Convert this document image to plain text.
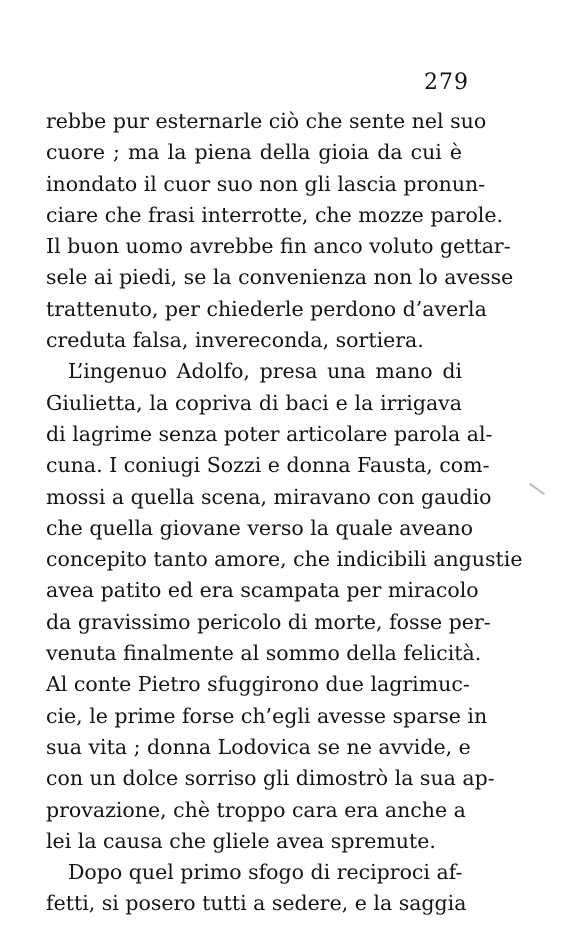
279
rebbe pur esternarle ciò che sente nel suo
cuore ; ma la piena della gioia da cui è
inondato il cuor suo non gli lascia pronun-
ciare che frasi interrotte, che mozze parole.
Il buon uomo avrebbe fin anco voluto gettar-
sele ai piedi, se la convenienza non lo avesse
trattenuto, per chiederle perdono d’averla
creduta falsa, invereconda, sortiera.
L’ingenuo Adolfo, presa una mano di
Giulietta, la copriva di baci e la irrigava
di lagrime senza poter articolare parola al-
cuna. I coniugi Sozzi e donna Fausta, com-
mossi a quella scena, miravano con gaudio
che quella giovane verso la quale aveano
concepito tanto amore, che indicibili angustie
avea patito ed era scampata per miracolo
da gravissimo pericolo di morte, fosse per-
venuta finalmente al sommo della felicità.
Al conte Pietro sfuggirono due lagrimuc-
cie, le prime forse ch’egli avesse sparse in
sua vita ; donna Lodovica se ne avvide, e
con un dolce sorriso gli dimostrò la sua ap-
provazione, chè troppo cara era anche a
lei la causa che gliele avea spremute.
Dopo quel primo sfogo di reciproci af-
fetti, si posero tutti a sedere, e la saggia
